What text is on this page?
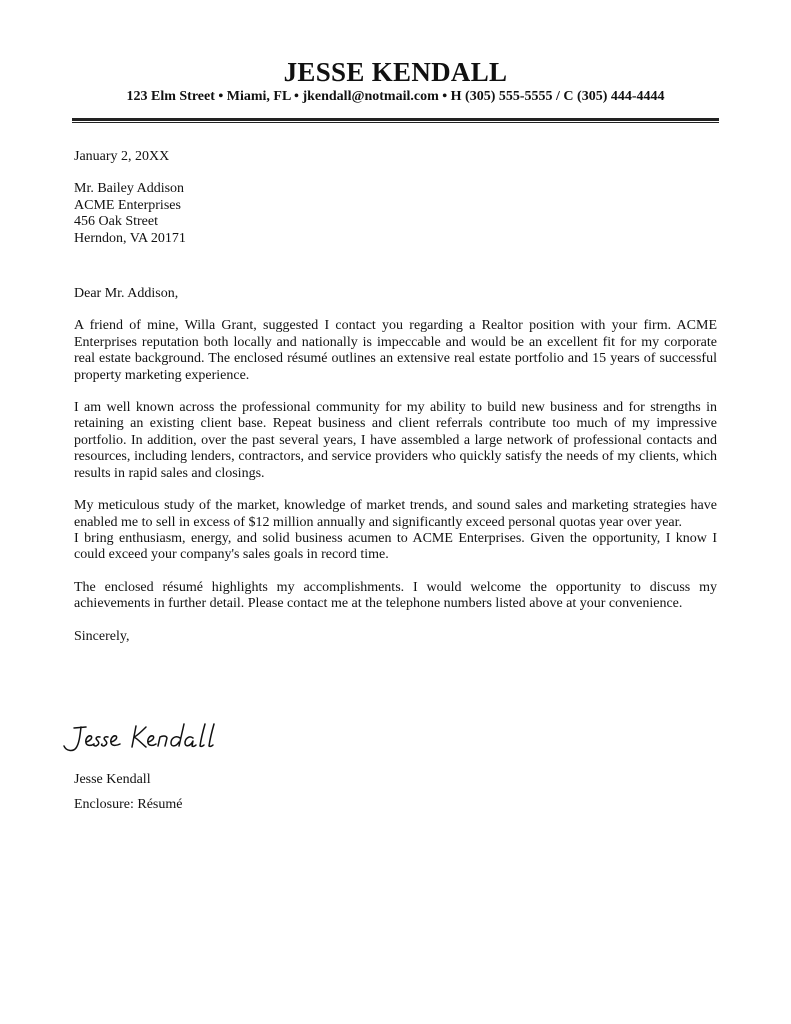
JESSE KENDALL
123 Elm Street • Miami, FL • jkendall@notmail.com • H (305) 555-5555 / C (305) 444-4444
January 2, 20XX
Mr. Bailey Addison
ACME Enterprises
456 Oak Street
Herndon, VA 20171
Dear Mr. Addison,

A friend of mine, Willa Grant, suggested I contact you regarding a Realtor position with your firm. ACME Enterprises reputation both locally and nationally is impeccable and would be an excellent fit for my corporate real estate background. The enclosed résumé outlines an extensive real estate portfolio and 15 years of successful property marketing experience.

I am well known across the professional community for my ability to build new business and for strengths in retaining an existing client base. Repeat business and client referrals contribute too much of my impressive portfolio. In addition, over the past several years, I have assembled a large network of professional contacts and resources, including lenders, contractors, and service providers who quickly satisfy the needs of my clients, which results in rapid sales and closings.

My meticulous study of the market, knowledge of market trends, and sound sales and marketing strategies have enabled me to sell in excess of $12 million annually and significantly exceed personal quotas year over year.

I bring enthusiasm, energy, and solid business acumen to ACME Enterprises. Given the opportunity, I know I could exceed your company's sales goals in record time.

The enclosed résumé highlights my accomplishments. I would welcome the opportunity to discuss my achievements in further detail. Please contact me at the telephone numbers listed above at your convenience.

Sincerely,
Jesse Kendall
Enclosure: Résumé
